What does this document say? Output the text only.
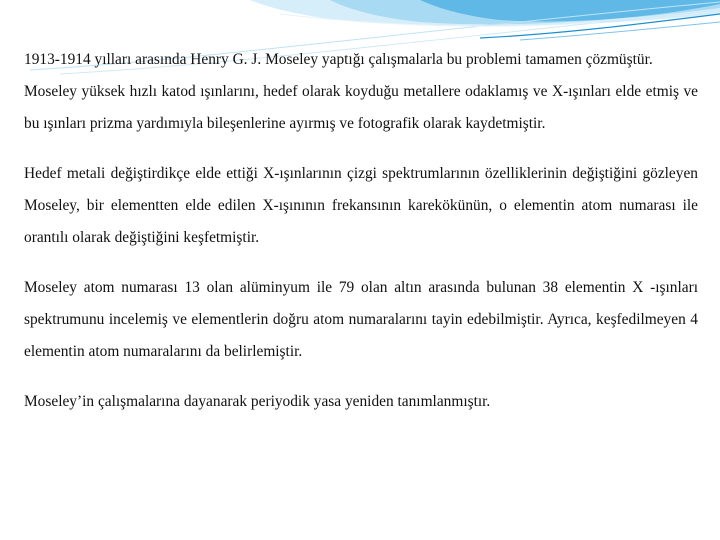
1913-1914 yılları arasında Henry G. J. Moseley yaptığı çalışmalarla bu problemi tamamen çözmüştür.

Moseley yüksek hızlı katod ışınlarını, hedef olarak koyduğu metallere odaklamış ve X-ışınları elde etmiş ve bu ışınları prizma yardımıyla bileşenlerine ayırmış ve fotografik olarak kaydetmiştir.

Hedef metali değiştirdikçe elde ettiği X-ışınlarının çizgi spektrumlarının özelliklerinin değiştiğini gözleyen Moseley, bir elementten elde edilen X-ışınının frekansının karekökünün, o elementin atom numarası ile orantılı olarak değiştiğini keşfetmiştir.

Moseley atom numarası 13 olan alüminyum ile 79 olan altın arasında bulunan 38 elementin X -ışınları spektrumunu incelemiş ve elementlerin doğru atom numaralarını tayin edebilmiştir. Ayrıca, keşfedilmeyen 4 elementin atom numaralarını da belirlemiştir.

Moseley’in çalışmalarına dayanarak periyodik yasa yeniden tanımlanmıştır.
